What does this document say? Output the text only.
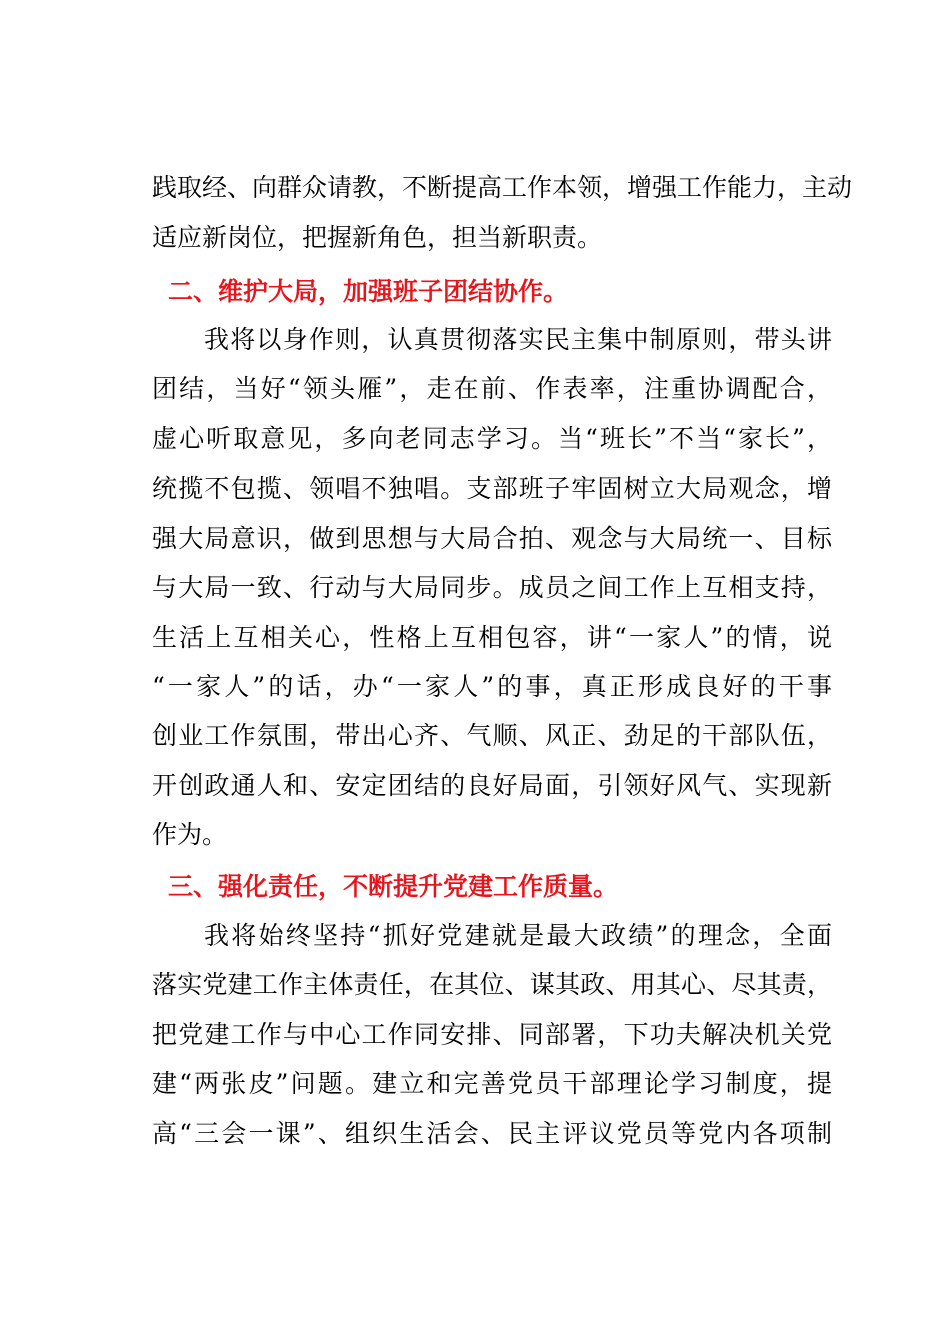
践取经、向群众请教，不断提高工作本领，增强工作能力，主动
适应新岗位，把握新角色，担当新职责。
二、维护大局，加强班子团结协作。
我将以身作则，认真贯彻落实民主集中制原则，带头讲
团结，当好“领头雁”，走在前、作表率，注重协调配合，
虚心听取意见，多向老同志学习。当“班长”不当“家长”，
统揽不包揽、领唱不独唱。支部班子牢固树立大局观念，增
强大局意识，做到思想与大局合拍、观念与大局统一、目标
与大局一致、行动与大局同步。成员之间工作上互相支持，
生活上互相关心，性格上互相包容，讲“一家人”的情，说
“一家人”的话，办“一家人”的事，真正形成良好的干事
创业工作氛围，带出心齐、气顺、风正、劲足的干部队伍，
开创政通人和、安定团结的良好局面，引领好风气、实现新
作为。
三、强化责任，不断提升党建工作质量。
我将始终坚持“抓好党建就是最大政绩”的理念，全面
落实党建工作主体责任，在其位、谋其政、用其心、尽其责，
把党建工作与中心工作同安排、同部署，下功夫解决机关党
建“两张皮”问题。建立和完善党员干部理论学习制度，提
高“三会一课”、组织生活会、民主评议党员等党内各项制
